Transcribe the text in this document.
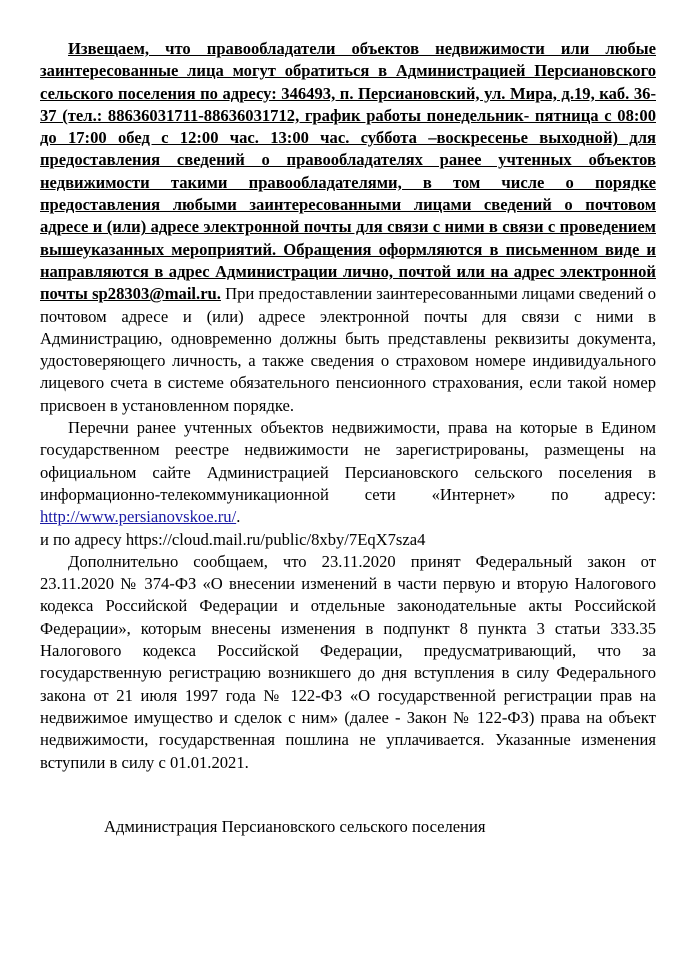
Извещаем, что правообладатели объектов недвижимости или любые заинтересованные лица могут обратиться в Администрацией Персиановского сельского поселения по адресу: 346493, п. Персиановский, ул. Мира, д.19, каб. 36-37 (тел.: 88636031711-88636031712, график работы понедельник- пятница с 08:00 до 17:00 обед с 12:00 час. 13:00 час. суббота –воскресенье выходной) для предоставления сведений о правообладателях ранее учтенных объектов недвижимости такими правообладателями, в том числе о порядке предоставления любыми заинтересованными лицами сведений о почтовом адресе и (или) адресе электронной почты для связи с ними в связи с проведением вышеуказанных мероприятий. Обращения оформляются в письменном виде и направляются в адрес Администрации лично, почтой или на адрес электронной почты sp28303@mail.ru. При предоставлении заинтересованными лицами сведений о почтовом адресе и (или) адресе электронной почты для связи с ними в Администрацию, одновременно должны быть представлены реквизиты документа, удостоверяющего личность, а также сведения о страховом номере индивидуального лицевого счета в системе обязательного пенсионного страхования, если такой номер присвоен в установленном порядке.

Перечни ранее учтенных объектов недвижимости, права на которые в Едином государственном реестре недвижимости не зарегистрированы, размещены на официальном сайте Администрацией Персиановского сельского поселения в информационно-телекоммуникационной сети «Интернет» по адресу: http://www.persianovskoe.ru/.

и по адресу https://cloud.mail.ru/public/8xby/7EqX7sza4

Дополнительно сообщаем, что 23.11.2020 принят Федеральный закон от 23.11.2020 № 374-ФЗ «О внесении изменений в части первую и вторую Налогового кодекса Российской Федерации и отдельные законодательные акты Российской Федерации», которым внесены изменения в подпункт 8 пункта 3 статьи 333.35 Налогового кодекса Российской Федерации, предусматривающий, что за государственную регистрацию возникшего до дня вступления в силу Федерального закона от 21 июля 1997 года № 122-ФЗ «О государственной регистрации прав на недвижимое имущество и сделок с ним» (далее - Закон № 122-ФЗ) права на объект недвижимости, государственная пошлина не уплачивается. Указанные изменения вступили в силу с 01.01.2021.

Администрация Персиановского сельского поселения
